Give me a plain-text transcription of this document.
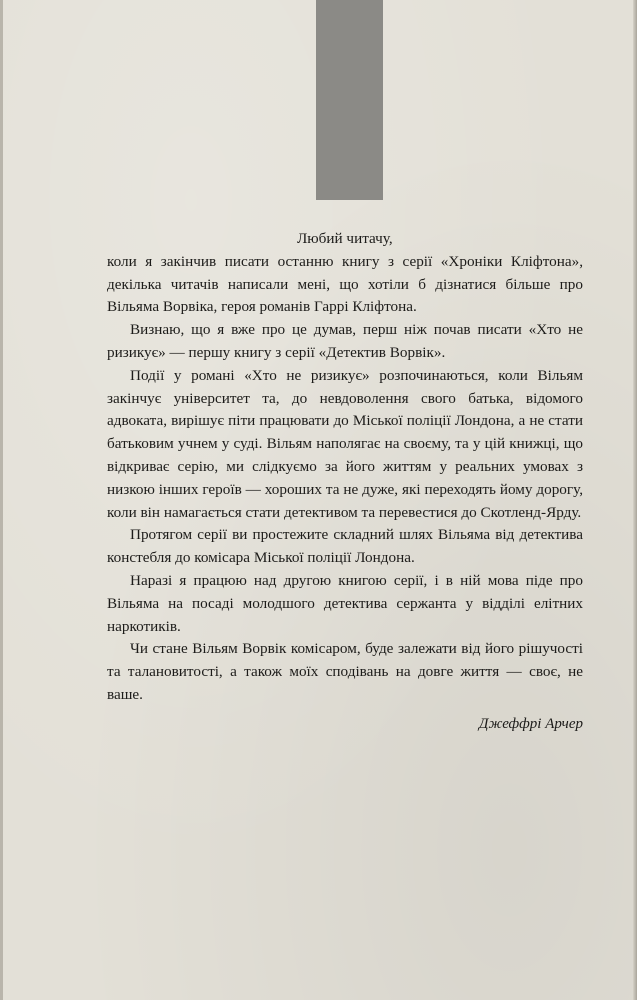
Любий читачу,

коли я закінчив писати останню книгу з серії «Хроніки Кліфтона», декілька читачів написали мені, що хотіли б дізнатися більше про Вільяма Ворвіка, героя романів Гаррі Кліфтона.

Визнаю, що я вже про це думав, перш ніж почав писати «Хто не ризикує» — першу книгу з серії «Детектив Ворвік».

Події у романі «Хто не ризикує» розпочинаються, коли Вільям закінчує університет та, до невдоволення свого батька, відомого адвоката, вирішує піти працювати до Міської поліції Лондона, а не стати батьковим учнем у суді. Вільям наполягає на своєму, та у цій книжці, що відкриває серію, ми слідкуємо за його життям у реальних умовах з низкою інших героїв — хороших та не дуже, які переходять йому дорогу, коли він намагається стати детективом та перевестися до Скотленд-Ярду.

Протягом серії ви простежите складний шлях Вільяма від детектива констебля до комісара Міської поліції Лондона.

Наразі я працюю над другою книгою серії, і в ній мова піде про Вільяма на посаді молодшого детектива сержанта у відділі елітних наркотиків.

Чи стане Вільям Ворвік комісаром, буде залежати від його рішучості та талановитості, а також моїх сподівань на довге життя — своє, не ваше.

Джеффрі Арчер
